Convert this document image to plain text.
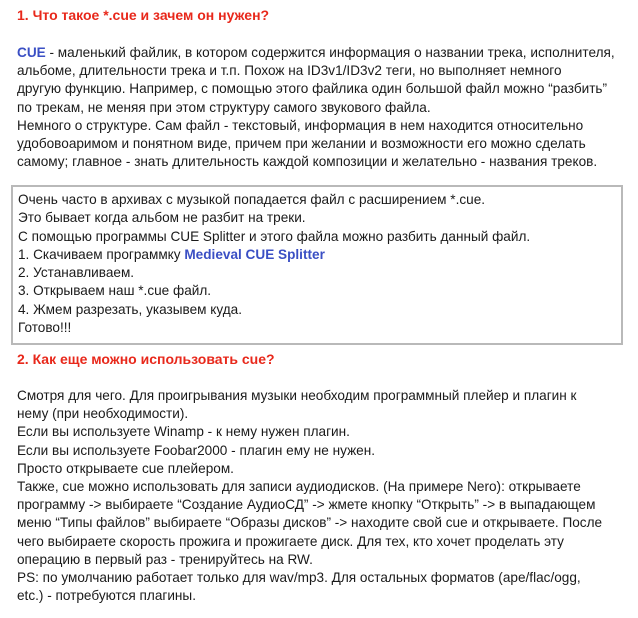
1. Что такое *.cue и зачем он нужен?
CUE - маленький файлик, в котором содержится информация о названии трека, исполнителя,
альбоме, длительности трека и т.п. Похож на ID3v1/ID3v2 теги, но выполняет немного
другую функцию. Например, с помощью этого файлика один большой файл можно “разбить”
по трекам, не меняя при этом структуру самого звукового файла.
Немного о структуре. Сам файл - текстовый, информация в нем находится относительно
удобовоаримом и понятном виде, причем при желании и возможности его можно сделать
самому; главное - знать длительность каждой композиции и желательно - названия треков.
Очень часто в архивах с музыкой попадается файл с расширением *.cue.
Это бывает когда альбом не разбит на треки.
С помощью программы CUE Splitter и этого файла можно разбить данный файл.
1. Скачиваем программку Medieval CUE Splitter
2. Устанавливаем.
3. Открываем наш *.cue файл.
4. Жмем разрезать, указывем куда.
Готово!!!
2. Как еще можно использовать cue?
Смотря для чего. Для проигрывания музыки необходим программный плейер и плагин к
нему (при необходимости).
Если вы используете Winamp - к нему нужен плагин.
Если вы используете Foobar2000 - плагин ему не нужен.
Просто открываете cue плейером.
Также, cue можно использовать для записи аудиодисков. (На примере Nero): открываете
программу -> выбираете “Создание АудиоСД” -> жмете кнопку “Открыть” -> в выпадающем
меню “Типы файлов” выбираете “Образы дисков” -> находите свой cue и открываете. После
чего выбираете скорость прожига и прожигаете диск. Для тех, кто хочет проделать эту
операцию в первый раз - тренируйтесь на RW.
PS: по умолчанию работает только для wav/mp3. Для остальных форматов (ape/flac/ogg,
etc.) - потребуются плагины.
